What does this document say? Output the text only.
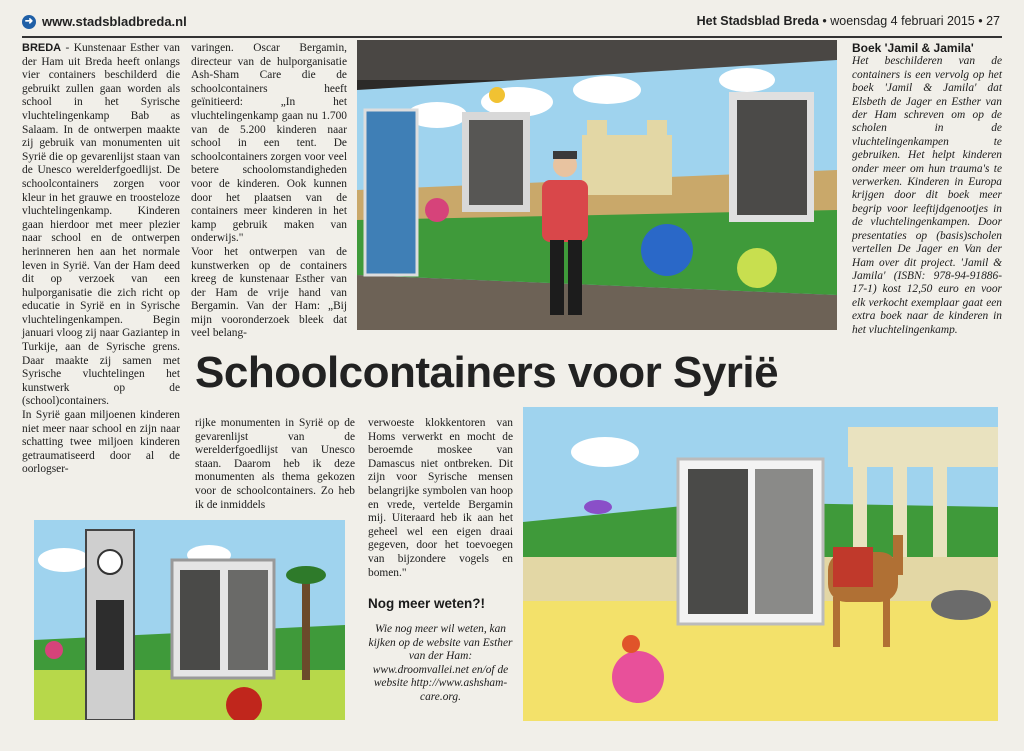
➜ www.stadsbladbreda.nl	Het Stadsblad Breda • woensdag 4 februari 2015 • 27

BREDA - Kunstenaar Esther van der Ham uit Breda heeft onlangs vier containers beschilderd die gebruikt zullen gaan worden als school in het Syrische vluchtelingenkamp Bab as Salaam. In de ontwerpen maakte zij gebruik van monumenten uit Syrië die op gevarenlijst staan van de Unesco werelderfgoedlijst. De schoolcontainers zorgen voor kleur in het grauwe en troosteloze vluchtelingenkamp. Kinderen gaan hierdoor met meer plezier naar school en de ontwerpen herinneren hen aan het normale leven in Syrië. Van der Ham deed dit op verzoek van een hulporganisatie die zich richt op educatie in Syrië en in Syrische vluchtelingenkampen. Begin januari vloog zij naar Gaziantep in Turkije, aan de Syrische grens. Daar maakte zij samen met Syrische vluchtelingen het kunstwerk op de (school)containers.

In Syrië gaan miljoenen kinderen niet meer naar school en zijn naar schatting twee miljoen kinderen getraumatiseerd door al de oorlogser-

varingen. Oscar Bergamin, directeur van de hulporganisatie Ash-Sham Care die de schoolcontainers heeft geïnitieerd: „In het vluchtelingenkamp gaan nu 1.700 van de 5.200 kinderen naar school in een tent. De schoolcontainers zorgen voor veel betere schoolomstandigheden voor de kinderen. Ook kunnen door het plaatsen van de containers meer kinderen in het kamp gebruik maken van onderwijs."

Voor het ontwerpen van de kunstwerken op de containers kreeg de kunstenaar Esther van der Ham de vrije hand van Bergamin. Van der Ham: „Bij mijn vooronderzoek bleek dat veel belang-

Boek 'Jamil & Jamila'

Het beschilderen van de containers is een vervolg op het boek 'Jamil & Jamila' dat Elsbeth de Jager en Esther van der Ham schreven om op de scholen in de vluchtelingenkampen te gebruiken. Het helpt kinderen onder meer om hun trauma's te verwerken. Kinderen in Europa krijgen door dit boek meer begrip voor leeftijdgenootjes in de vluchtelingenkampen. Door presentaties op (basis)scholen vertellen De Jager en Van der Ham over dit project. 'Jamil & Jamila' (ISBN: 978-94-91886-17-1) kost 12,50 euro en voor elk verkocht exemplaar gaat een extra boek naar de kinderen in het vluchtelingenkamp.

Schoolcontainers voor Syrië

rijke monumenten in Syrië op de gevarenlijst van de werelderfgoedlijst van Unesco staan. Daarom heb ik deze monumenten als thema gekozen voor de schoolcontainers. Zo heb ik de inmiddels

verwoeste klokkentoren van Homs verwerkt en mocht de beroemde moskee van Damascus niet ontbreken. Dit zijn voor Syrische mensen belangrijke symbolen van hoop en vrede, vertelde Bergamin mij. Uiteraard heb ik aan het geheel wel een eigen draai gegeven, door het toevoegen van bijzondere vogels en bomen."

Nog meer weten?!
Wie nog meer wil weten, kan kijken op de website van Esther van der Ham: www.droomvallei.net en/of de website http://www.ashsham-care.org.
